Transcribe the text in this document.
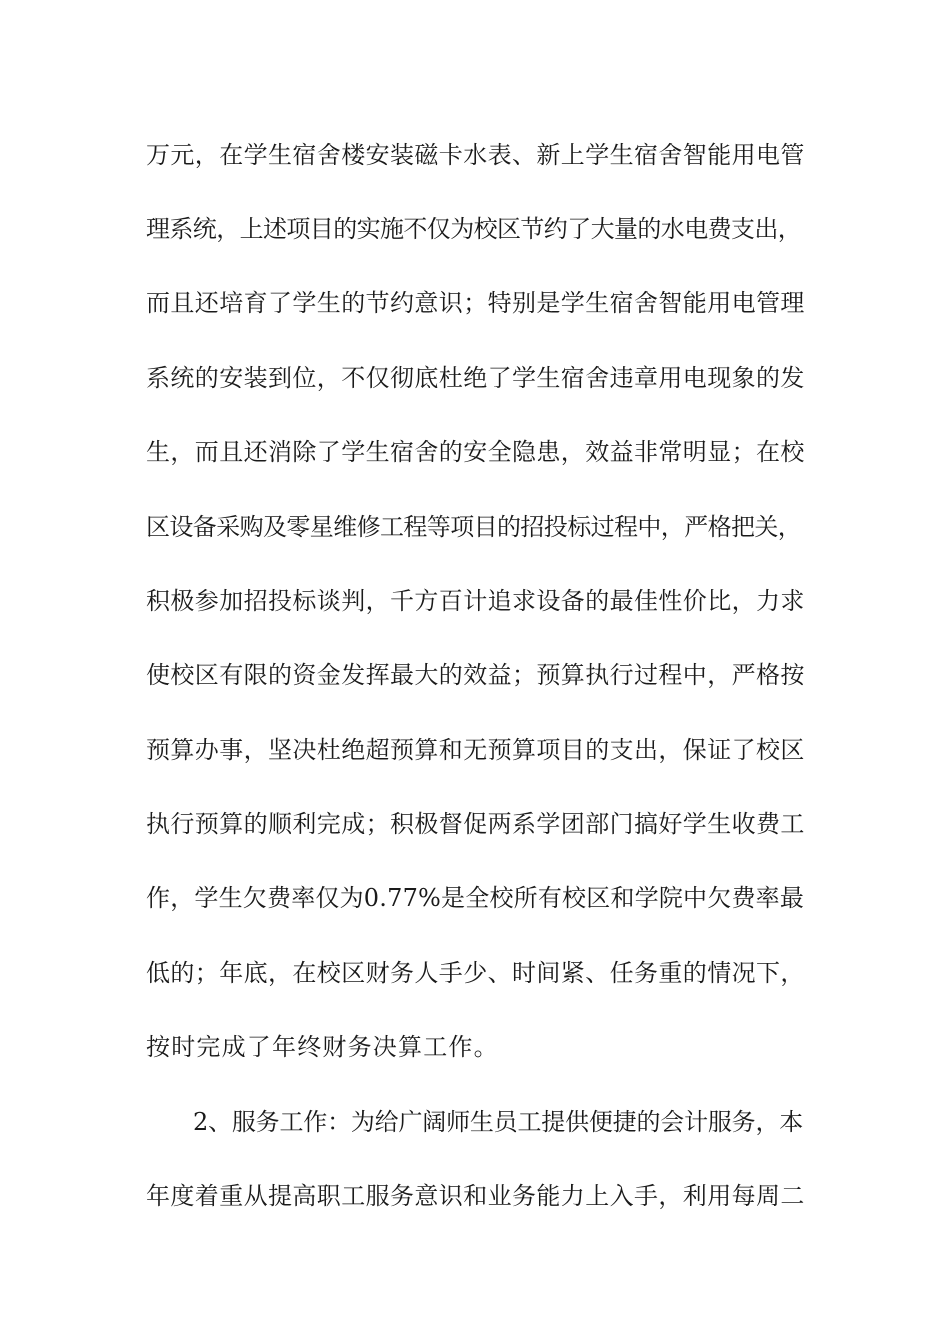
万元，在学生宿舍楼安装磁卡水表、新上学生宿舍智能用电管
理系统，上述项目的实施不仅为校区节约了大量的水电费支出，
而且还培育了学生的节约意识；特别是学生宿舍智能用电管理
系统的安装到位，不仅彻底杜绝了学生宿舍违章用电现象的发
生，而且还消除了学生宿舍的安全隐患，效益非常明显；在校
区设备采购及零星维修工程等项目的招投标过程中，严格把关，
积极参加招投标谈判，千方百计追求设备的最佳性价比，力求
使校区有限的资金发挥最大的效益；预算执行过程中，严格按
预算办事，坚决杜绝超预算和无预算项目的支出，保证了校区
执行预算的顺利完成；积极督促两系学团部门搞好学生收费工
作，学生欠费率仅为0.77%是全校所有校区和学院中欠费率最
低的；年底，在校区财务人手少、时间紧、任务重的情况下，
按时完成了年终财务决算工作。
2、服务工作：为给广阔师生员工提供便捷的会计服务，本
年度着重从提高职工服务意识和业务能力上入手，利用每周二
